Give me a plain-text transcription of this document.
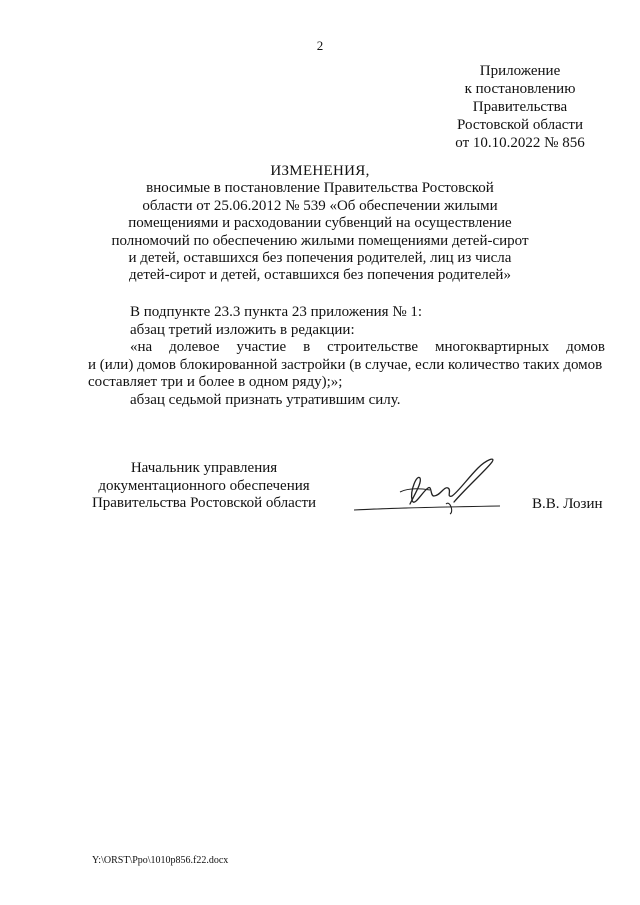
2
Приложение
к постановлению
Правительства
Ростовской области
от 10.10.2022 № 856
ИЗМЕНЕНИЯ,
вносимые в постановление Правительства Ростовской
области от 25.06.2012 № 539 «Об обеспечении жилыми
помещениями и расходовании субвенций на осуществление
полномочий по обеспечению жилыми помещениями детей-сирот
и детей, оставшихся без попечения родителей, лиц из числа
детей-сирот и детей, оставшихся без попечения родителей»
В подпункте 23.3 пункта 23 приложения № 1:
абзац третий изложить в редакции:
«на долевое участие в строительстве многоквартирных домов
и (или) домов блокированной застройки (в случае, если количество таких домов
составляет три и более в одном ряду);»;
абзац седьмой признать утратившим силу.
Начальник управления
документационного обеспечения
Правительства Ростовской области	В.В. Лозин
Y:\ORST\Ppo\1010p856.f22.docx
